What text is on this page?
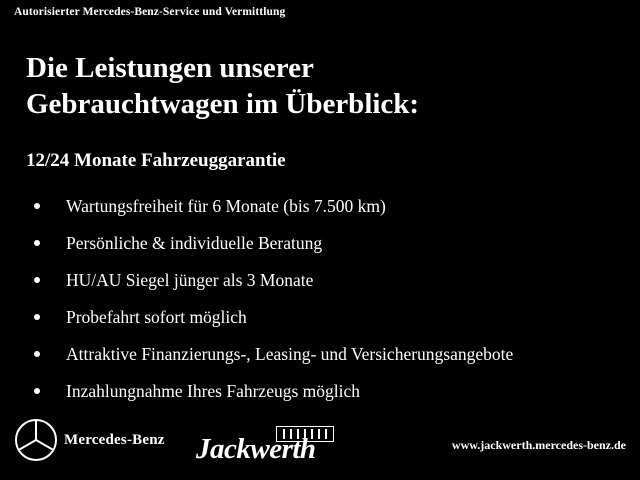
Autorisierter Mercedes-Benz-Service und Vermittlung
Die Leistungen unserer
Gebrauchtwagen im Überblick:
12/24 Monate Fahrzeuggarantie
Wartungsfreiheit für 6 Monate (bis 7.500 km)
Persönliche & individuelle Beratung
HU/AU Siegel jünger als 3 Monate
Probefahrt sofort möglich
Attraktive Finanzierungs-, Leasing- und Versicherungsangebote
Inzahlungnahme Ihres Fahrzeugs möglich
Mercedes-Benz Jackwerth	www.jackwerth.mercedes-benz.de
